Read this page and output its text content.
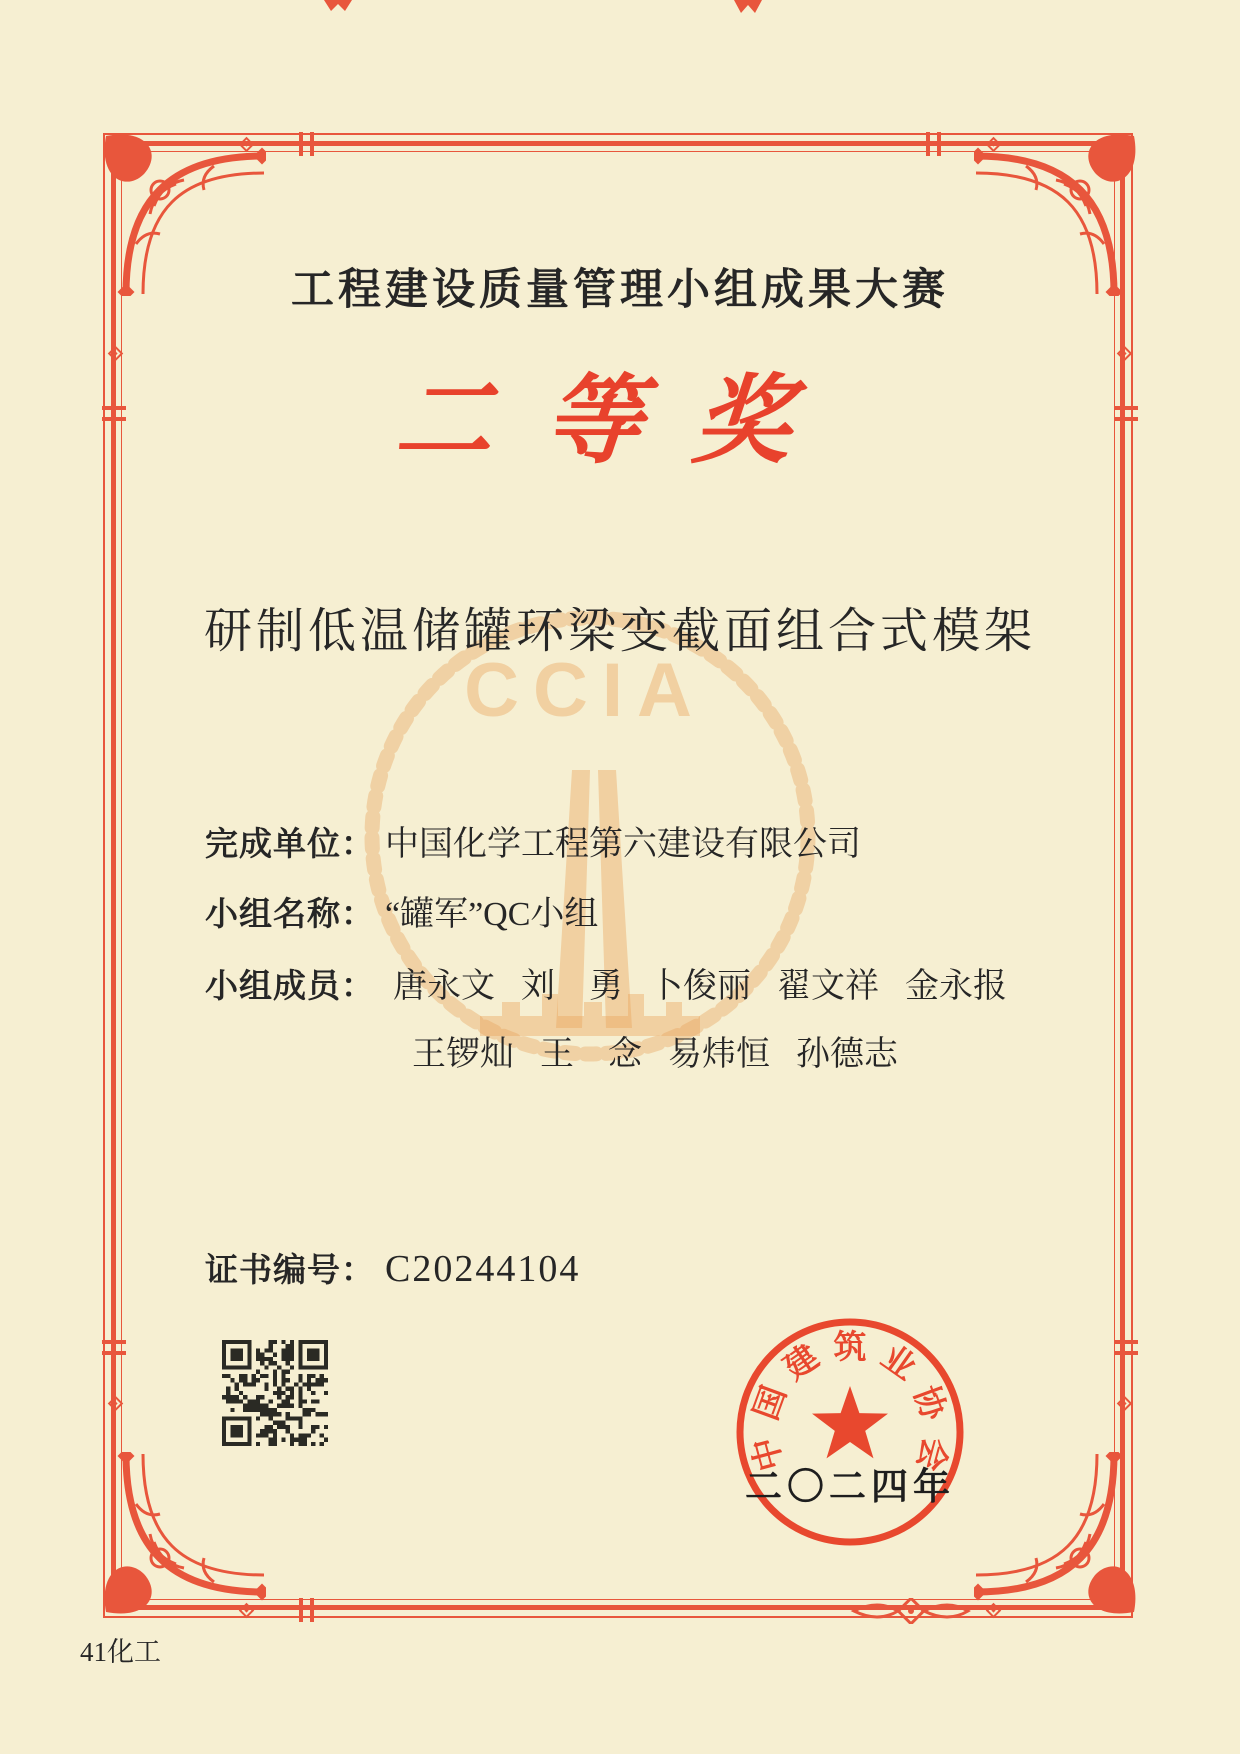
CCIA
工程建设质量管理小组成果大赛
二等奖
研制低温储罐环梁变截面组合式模架
完成单位： 中国化学工程第六建设有限公司
小组名称： “罐军”QC小组
小组成员： 唐永文 刘　勇 卜俊丽 翟文祥 金永报
王锣灿 王　念 易炜恒 孙德志
证书编号： C20244104
中
国
建 筑 业
协
会
二〇二四年
41化工
